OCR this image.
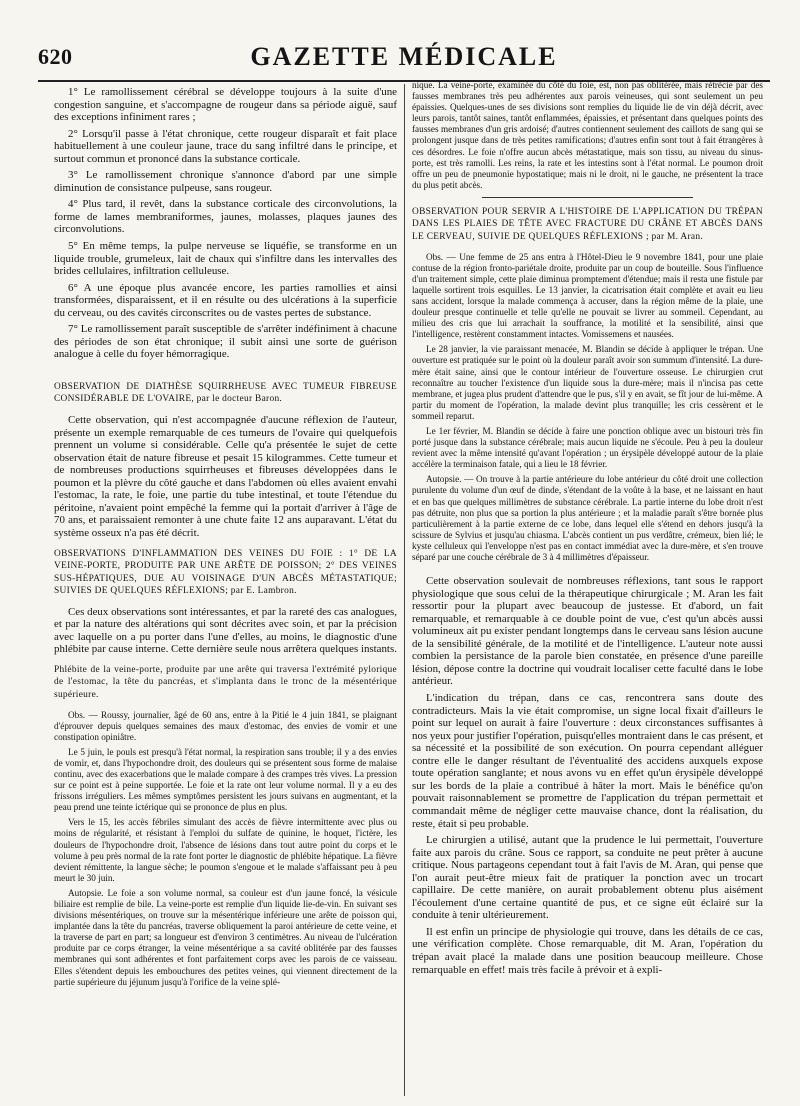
620	GAZETTE MÉDICALE

1° Le ramollissement cérébral se développe toujours à la suite d'une congestion sanguine, et s'accompagne de rougeur dans sa période aiguë, sauf des exceptions infiniment rares ;

2° Lorsqu'il passe à l'état chronique, cette rougeur disparaît et fait place habituellement à une couleur jaune, trace du sang infiltré dans le principe, et surtout commun et prononcé dans la substance corticale.

3° Le ramollissement chronique s'annonce d'abord par une simple diminution de consistance pulpeuse, sans rougeur.

4° Plus tard, il revêt, dans la substance corticale des circonvolutions, la forme de lames membraniformes, jaunes, molasses, plaques jaunes des circonvolutions.

5° En même temps, la pulpe nerveuse se liquéfie, se transforme en un liquide trouble, grumeleux, lait de chaux qui s'infiltre dans les intervalles des brides cellulaires, infiltration celluleuse.

6° A une époque plus avancée encore, les parties ramollies et ainsi transformées, disparaissent, et il en résulte ou des ulcérations à la superficie du cerveau, ou des cavités circonscrites ou de vastes pertes de substance.

7° Le ramollissement paraît susceptible de s'arrêter indéfiniment à chacune des périodes de son état chronique; il subit ainsi une sorte de guérison analogue à celle du foyer hémorragique.

OBSERVATION DE DIATHÈSE SQUIRRHEUSE AVEC TUMEUR FIBREUSE CONSIDÉRABLE DE L'OVAIRE, par le docteur Baron.

Cette observation, qui n'est accompagnée d'aucune réflexion de l'auteur, présente un exemple remarquable de ces tumeurs de l'ovaire qui quelquefois prennent un volume si considérable. Celle qu'a présentée le sujet de cette observation était de nature fibreuse et pesait 15 kilogrammes. Cette tumeur et de nombreuses productions squirrheuses et fibreuses développées dans le poumon et la plèvre du côté gauche et dans l'abdomen où elles avaient envahi l'estomac, la rate, le foie, une partie du tube intestinal, et toute l'étendue du péritoine, n'avaient point empêché la femme qui la portait d'arriver à l'âge de 70 ans, et paraissaient remonter à une chute faite 12 ans auparavant. L'état du système osseux n'a pas été décrit.

OBSERVATIONS D'INFLAMMATION DES VEINES DU FOIE : 1° DE LA VEINE-PORTE, PRODUITE PAR UNE ARÊTE DE POISSON; 2° DES VEINES SUS-HÉPATIQUES, DUE AU VOISINAGE D'UN ABCÈS MÉTASTATIQUE; SUIVIES DE QUELQUES RÉFLEXIONS; par E. Lambron.

Ces deux observations sont intéressantes, et par la rareté des cas analogues, et par la nature des altérations qui sont décrites avec soin, et par la précision avec laquelle on a pu porter dans l'une d'elles, au moins, le diagnostic d'une phlébite par cause interne. Cette dernière seule nous arrêtera quelques instants.

Phlébite de la veine-porte, produite par une arête qui traversa l'extrémité pylorique de l'estomac, la tête du pancréas, et s'implanta dans le tronc de la mésentérique supérieure.

Obs. — Roussy, journalier, âgé de 60 ans, entre à la Pitié le 4 juin 1841, se plaignant d'éprouver depuis quelques semaines des maux d'estomac, des envies de vomir et une constipation opiniâtre.

Le 5 juin, le pouls est presqu'à l'état normal, la respiration sans trouble; il y a des envies de vomir, et, dans l'hypochondre droit, des douleurs qui se présentent sous forme de malaise continu, avec des exacerbations que le malade compare à des crampes très vives. La pression sur ce point est à peine supportée. Le foie et la rate ont leur volume normal. Il y a eu des frissons irréguliers. Les mêmes symptômes persistent les jours suivans en augmentant, et la peau prend une teinte ictérique qui se prononce de plus en plus.

Vers le 15, les accès fébriles simulant des accès de fièvre intermittente avec plus ou moins de régularité, et résistant à l'emploi du sulfate de quinine, le hoquet, l'ictère, les douleurs de l'hypochondre droit, l'absence de lésions dans tout autre point du corps et le volume à peu près normal de la rate font porter le diagnostic de phlébite hépatique. La fièvre devient rémittente, la langue sèche; le poumon s'engoue et le malade s'affaissant peu à peu meurt le 30 juin.

Autopsie. Le foie a son volume normal, sa couleur est d'un jaune foncé, la vésicule biliaire est remplie de bile. La veine-porte est remplie d'un liquide lie-de-vin. En suivant ses divisions mésentériques, on trouve sur la mésentérique inférieure une arête de poisson qui, implantée dans la tête du pancréas, traverse obliquement la paroi antérieure de cette veine, et la traverse de part en part; sa longueur est d'environ 3 centimètres. Au niveau de l'ulcération produite par ce corps étranger, la veine mésentérique a sa cavité oblitérée par des fausses membranes qui sont adhérentes et font parfaitement corps avec les parois de ce vaisseau. Elles s'étendent depuis les embouchures des petites veines, qui viennent directement de la partie supérieure du jéjunum jusqu'à l'orifice de la veine splé-

nique. La veine-porte, examinée du côté du foie, est, non pas oblitérée, mais rétrécie par des fausses membranes très peu adhérentes aux parois veineuses, qui sont seulement un peu épaissies. Quelques-unes de ses divisions sont remplies du liquide lie de vin déjà décrit, avec leurs parois, tantôt saines, tantôt enflammées, épaissies, et présentant dans quelques points des fausses membranes d'un gris ardoisé; d'autres contiennent seulement des caillots de sang qui se prolongent jusque dans de très petites ramifications; d'autres enfin sont tout à fait étrangères à ces désordres. Le foie n'offre aucun abcès métastatique, mais son tissu, au niveau du sinus-porte, est très ramolli. Les reins, la rate et les intestins sont à l'état normal. Le poumon droit offre un peu de pneumonie hypostatique; mais ni le droit, ni le gauche, ne présentent la trace du plus petit abcès.

OBSERVATION POUR SERVIR A L'HISTOIRE DE L'APPLICATION DU TRÉPAN DANS LES PLAIES DE TÊTE AVEC FRACTURE DU CRÂNE ET ABCÈS DANS LE CERVEAU, SUIVIE DE QUELQUES RÉFLEXIONS ; par M. Aran.

Obs. — Une femme de 25 ans entra à l'Hôtel-Dieu le 9 novembre 1841, pour une plaie contuse de la région fronto-pariétale droite, produite par un coup de bouteille. Sous l'influence d'un traitement simple, cette plaie diminua promptement d'étendue; mais il resta une fistule par laquelle sortirent trois esquilles. Le 13 janvier, la cicatrisation était complète et avait eu lieu sans accident, lorsque la malade commença à accuser, dans la région même de la plaie, une douleur presque continuelle et telle qu'elle ne pouvait se livrer au sommeil. Cependant, au milieu des cris que lui arrachait la souffrance, la motilité et la sensibilité, ainsi que l'intelligence, restèrent constamment intactes. Vomissemens et nausées.

Le 28 janvier, la vie paraissant menacée, M. Blandin se décide à appliquer le trépan. Une ouverture est pratiquée sur le point où la douleur paraît avoir son summum d'intensité. La dure-mère était saine, ainsi que le contour intérieur de l'ouverture osseuse. Le chirurgien crut reconnaître au toucher l'existence d'un liquide sous la dure-mère; mais il n'incisa pas cette membrane, et jugea plus prudent d'attendre que le pus, s'il y en avait, se fît jour de lui-même. A partir du moment de l'opération, la malade devint plus tranquille; les cris cessèrent et le sommeil reparut.

Le 1er février, M. Blandin se décide à faire une ponction oblique avec un bistouri très fin porté jusque dans la substance cérébrale; mais aucun liquide ne s'écoule. Peu à peu la douleur revient avec la même intensité qu'avant l'opération ; un érysipèle développé autour de la plaie accélère la terminaison fatale, qui a lieu le 18 février.

Autopsie. — On trouve à la partie antérieure du lobe antérieur du côté droit une collection purulente du volume d'un œuf de dinde, s'étendant de la voûte à la base, et ne laissant en haut et en bas que quelques millimètres de substance cérébrale. La partie interne du lobe droit n'est pas détruite, non plus que sa portion la plus antérieure ; et la maladie paraît s'être bornée plus particulièrement à la partie externe de ce lobe, dans lequel elle s'étend en dehors jusqu'à la scissure de Sylvius et jusqu'au chiasma. L'abcès contient un pus verdâtre, crémeux, bien lié; le kyste celluleux qui l'enveloppe n'est pas en contact immédiat avec la dure-mère, et s'en trouve séparé par une couche cérébrale de 3 à 4 millimètres d'épaisseur.

Cette observation soulevait de nombreuses réflexions, tant sous le rapport physiologique que sous celui de la thérapeutique chirurgicale ; M. Aran les fait ressortir pour la plupart avec beaucoup de justesse. Et d'abord, un fait remarquable, et remarquable à ce double point de vue, c'est qu'un abcès aussi volumineux ait pu exister pendant longtemps dans le cerveau sans lésion aucune de la sensibilité générale, de la motilité et de l'intelligence. L'auteur note aussi combien la persistance de la parole bien constatée, en présence d'une pareille lésion, dépose contre la doctrine qui voudrait localiser cette faculté dans le lobe antérieur.

L'indication du trépan, dans ce cas, rencontrera sans doute des contradicteurs. Mais la vie était compromise, un signe local fixait d'ailleurs le point sur lequel on aurait à faire l'ouverture : deux circonstances suffisantes à nos yeux pour justifier l'opération, puisqu'elles montraient dans le cas présent, et sa nécessité et la possibilité de son exécution. On pourra cependant alléguer contre elle le danger résultant de l'éventualité des accidens auxquels expose toute opération sanglante; et nous avons vu en effet qu'un érysipèle développé sur les bords de la plaie a contribué à hâter la mort. Mais le bénéfice qu'on pouvait raisonnablement se promettre de l'application du trépan permettait et commandait même de négliger cette mauvaise chance, dont la réalisation, du reste, était si peu probable.

Le chirurgien a utilisé, autant que la prudence le lui permettait, l'ouverture faite aux parois du crâne. Sous ce rapport, sa conduite ne peut prêter à aucune critique. Nous partageons cependant tout à fait l'avis de M. Aran, qui pense que l'on aurait peut-être mieux fait de pratiquer la ponction avec un trocart capillaire. De cette manière, on aurait probablement obtenu plus aisément l'écoulement d'une certaine quantité de pus, et ce signe eût éclairé sur la conduite à tenir ultérieurement.

Il est enfin un principe de physiologie qui trouve, dans les détails de ce cas, une vérification complète. Chose remarquable, dit M. Aran, l'opération du trépan avait placé la malade dans une position beaucoup meilleure. Chose remarquable en effet! mais très facile à prévoir et à expli-
